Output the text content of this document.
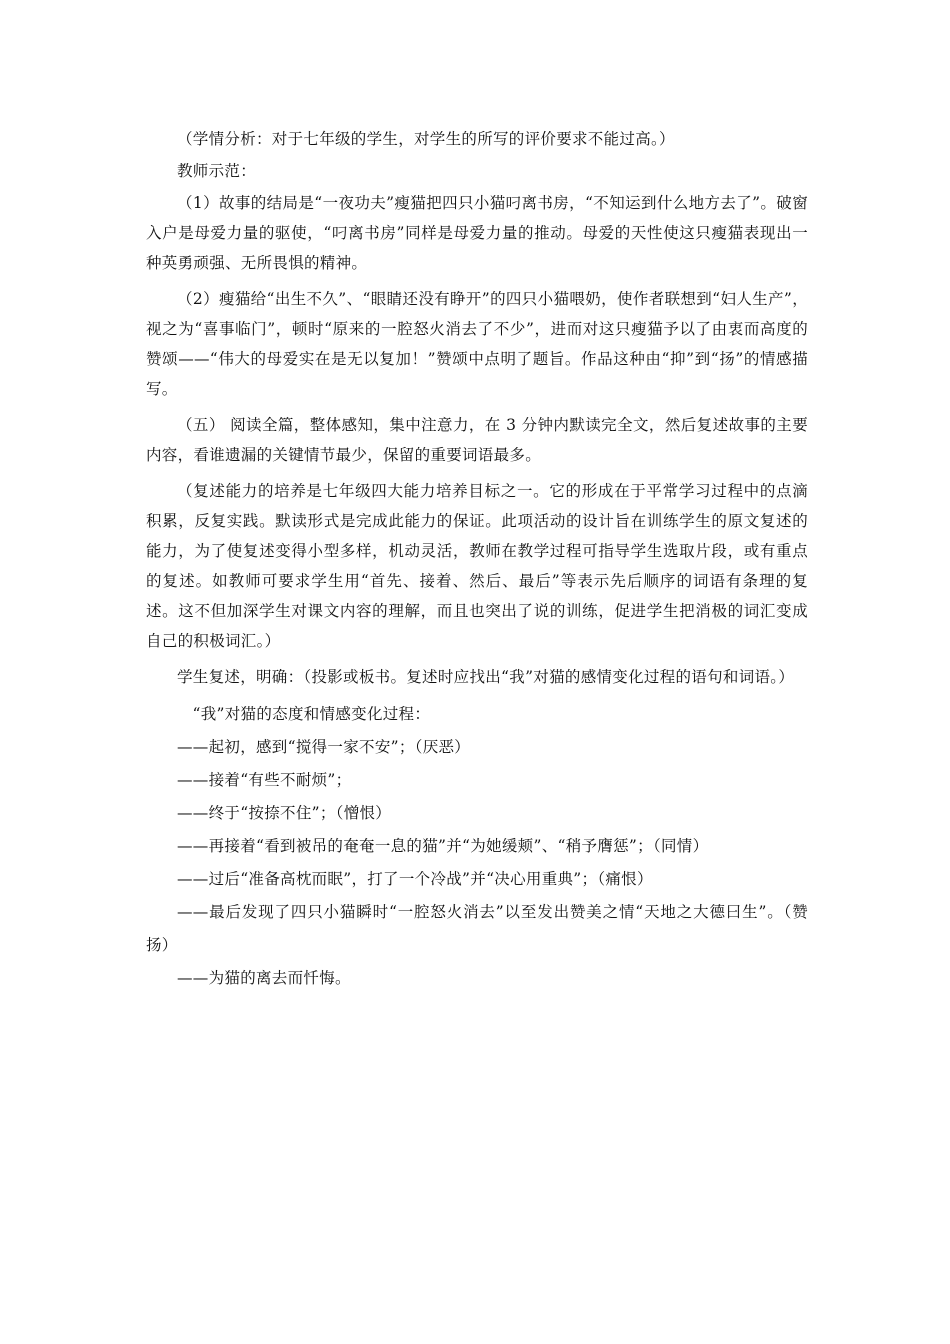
（学情分析：对于七年级的学生，对学生的所写的评价要求不能过高。）

教师示范：

（1）故事的结局是“一夜功夫”瘦猫把四只小猫叼离书房，“不知运到什么地方去了”。破窗入户是母爱力量的驱使，“叼离书房”同样是母爱力量的推动。母爱的天性使这只瘦猫表现出一种英勇顽强、无所畏惧的精神。

（2）瘦猫给“出生不久”、“眼睛还没有睁开”的四只小猫喂奶，使作者联想到“妇人生产”，视之为“喜事临门”，顿时“原来的一腔怒火消去了不少”，进而对这只瘦猫予以了由衷而高度的赞颂——“伟大的母爱实在是无以复加！”赞颂中点明了题旨。作品这种由“抑”到“扬”的情感描写。

（五） 阅读全篇，整体感知，集中注意力，在 3 分钟内默读完全文，然后复述故事的主要内容，看谁遗漏的关键情节最少，保留的重要词语最多。

（复述能力的培养是七年级四大能力培养目标之一。它的形成在于平常学习过程中的点滴积累，反复实践。默读形式是完成此能力的保证。此项活动的设计旨在训练学生的原文复述的能力，为了使复述变得小型多样，机动灵活，教师在教学过程可指导学生选取片段，或有重点的复述。如教师可要求学生用“首先、接着、然后、最后”等表示先后顺序的词语有条理的复述。这不但加深学生对课文内容的理解，而且也突出了说的训练，促进学生把消极的词汇变成自己的积极词汇。）

学生复述，明确：（投影或板书。复述时应找出“我”对猫的感情变化过程的语句和词语。）

“我”对猫的态度和情感变化过程：

——起初，感到“搅得一家不安”；（厌恶）

——接着“有些不耐烦”；

——终于“按捺不住”；（憎恨）

——再接着“看到被吊的奄奄一息的猫”并“为她缓颊”、“稍予膺惩”；（同情）

——过后“准备高枕而眠”，打了一个冷战”并“决心用重典”；（痛恨）

——最后发现了四只小猫瞬时“一腔怒火消去”以至发出赞美之情“天地之大德曰生”。（赞扬）

——为猫的离去而忏悔。
